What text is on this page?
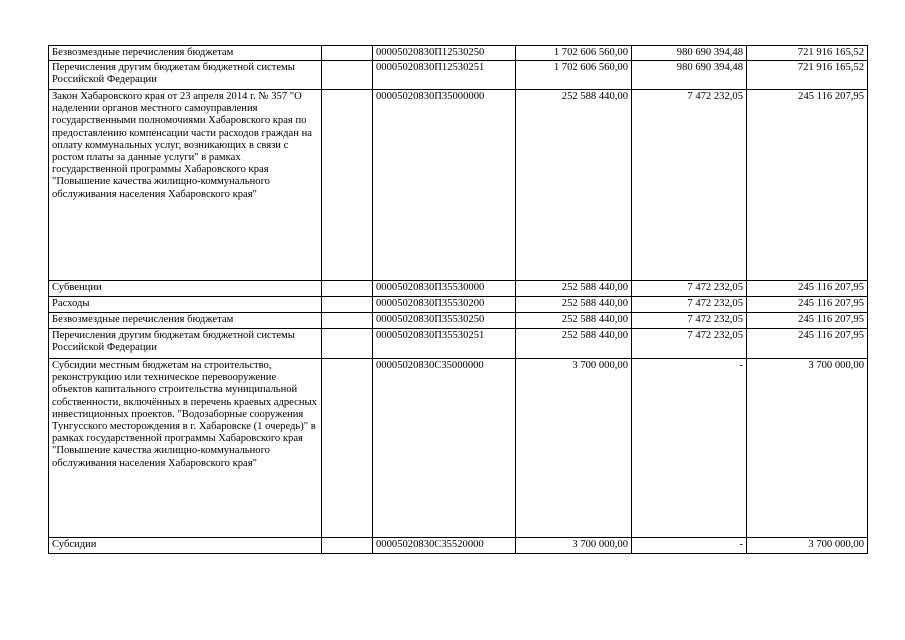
Безвозмездные перечисления бюджетам		00005020830П12530250	1 702 606 560,00	980 690 394,48	721 916 165,52
Перечисления другим бюджетам бюджетной системы Российской Федерации		00005020830П12530251	1 702 606 560,00	980 690 394,48	721 916 165,52
Закон Хабаровского края от 23 апреля 2014 г. № 357 "О наделении органов местного самоуправления государственными полномочиями Хабаровского края по предоставлению компенсации части расходов граждан на оплату коммунальных услуг, возникающих в связи с ростом платы за данные услуги" в рамках государственной программы Хабаровского края "Повышение качества жилищно-коммунального обслуживания населения Хабаровского края"		00005020830П35000000	252 588 440,00	7 472 232,05	245 116 207,95
Субвенции		00005020830П35530000	252 588 440,00	7 472 232,05	245 116 207,95
Расходы		00005020830П35530200	252 588 440,00	7 472 232,05	245 116 207,95
Безвозмездные перечисления бюджетам		00005020830П35530250	252 588 440,00	7 472 232,05	245 116 207,95
Перечисления другим бюджетам бюджетной системы Российской Федерации		00005020830П35530251	252 588 440,00	7 472 232,05	245 116 207,95
Субсидии местным бюджетам на строительство, реконструкцию или техническое перевооружение объектов капитального строительства муниципальной собственности, включённых в перечень краевых адресных инвестиционных проектов. "Водозаборные сооружения Тунгусского месторождения в г. Хабаровске (1 очередь)" в рамках государственной программы Хабаровского края "Повышение качества жилищно-коммунального обслуживания населения Хабаровского края"		00005020830С35000000	3 700 000,00	-	3 700 000,00
Субсидии		00005020830С35520000	3 700 000,00	-	3 700 000,00
